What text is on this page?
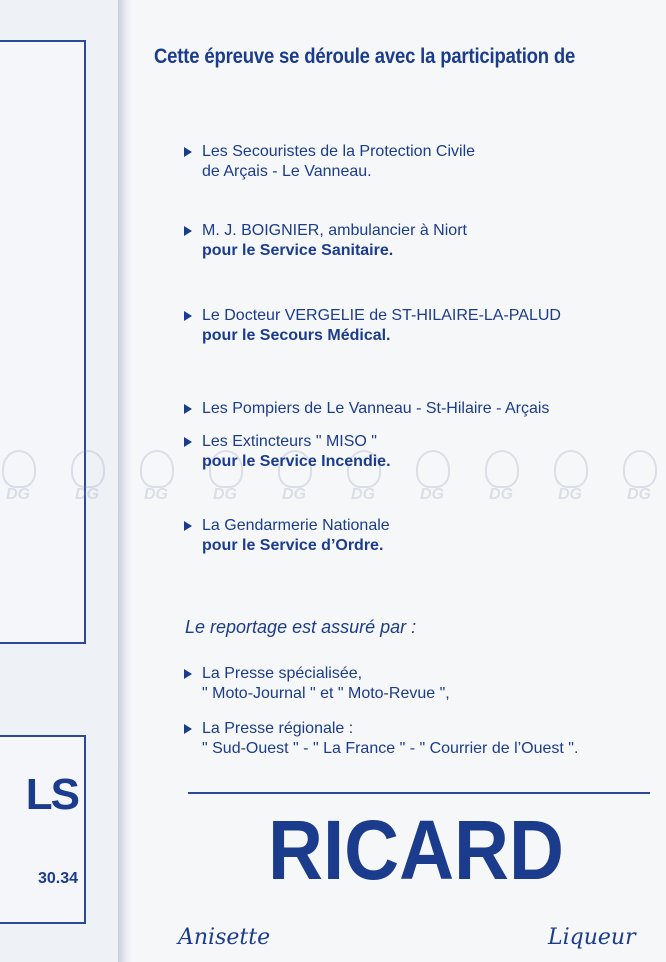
LS
30.34
DG	DG	DG	DG	DG	DG	DG	DG	DG	DG
Cette épreuve se déroule avec la participation de
Les Secouristes de la Protection Civile
de Arçais - Le Vanneau.
M. J. BOIGNIER, ambulancier à Niort
pour le Service Sanitaire.
Le Docteur VERGELIE de ST-HILAIRE-LA-PALUD
pour le Secours Médical.
Les Pompiers de Le Vanneau - St-Hilaire - Arçais
Les Extincteurs " MISO "
pour le Service Incendie.
La Gendarmerie Nationale
pour le Service d’Ordre.
Le reportage est assuré par :
La Presse spécialisée,
" Moto-Journal " et " Moto-Revue ",
La Presse régionale :
" Sud-Ouest " - " La France " - " Courrier de l’Ouest ".
RICARD
Anisette	Liqueur
